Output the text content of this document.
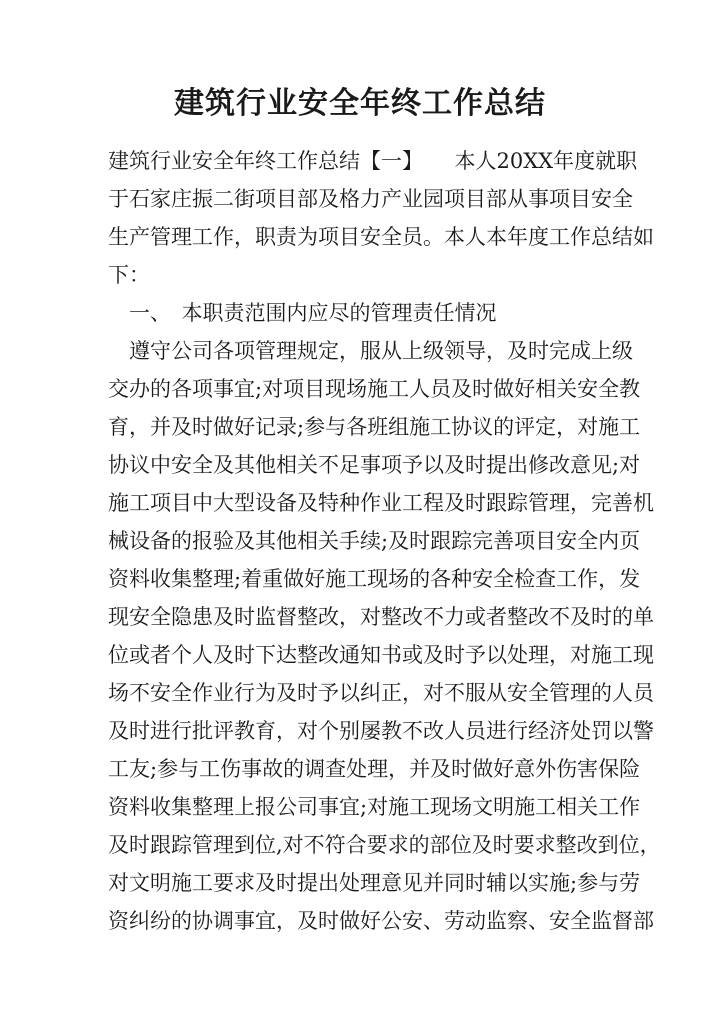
建筑行业安全年终工作总结
建筑行业安全年终工作总结【一】　　本人20XX年度就职
于石家庄振二街项目部及格力产业园项目部从事项目安全
生产管理工作，职责为项目安全员。本人本年度工作总结如
下：
　一、　本职责范围内应尽的管理责任情况
　遵守公司各项管理规定，服从上级领导，及时完成上级
交办的各项事宜;对项目现场施工人员及时做好相关安全教
育，并及时做好记录;参与各班组施工协议的评定，对施工
协议中安全及其他相关不足事项予以及时提出修改意见;对
施工项目中大型设备及特种作业工程及时跟踪管理，完善机
械设备的报验及其他相关手续;及时跟踪完善项目安全内页
资料收集整理;着重做好施工现场的各种安全检查工作，发
现安全隐患及时监督整改，对整改不力或者整改不及时的单
位或者个人及时下达整改通知书或及时予以处理，对施工现
场不安全作业行为及时予以纠正，对不服从安全管理的人员
及时进行批评教育，对个别屡教不改人员进行经济处罚以警
工友;参与工伤事故的调查处理，并及时做好意外伤害保险
资料收集整理上报公司事宜;对施工现场文明施工相关工作
及时跟踪管理到位,对不符合要求的部位及时要求整改到位，
对文明施工要求及时提出处理意见并同时辅以实施;参与劳
资纠纷的协调事宜，及时做好公安、劳动监察、安全监督部
